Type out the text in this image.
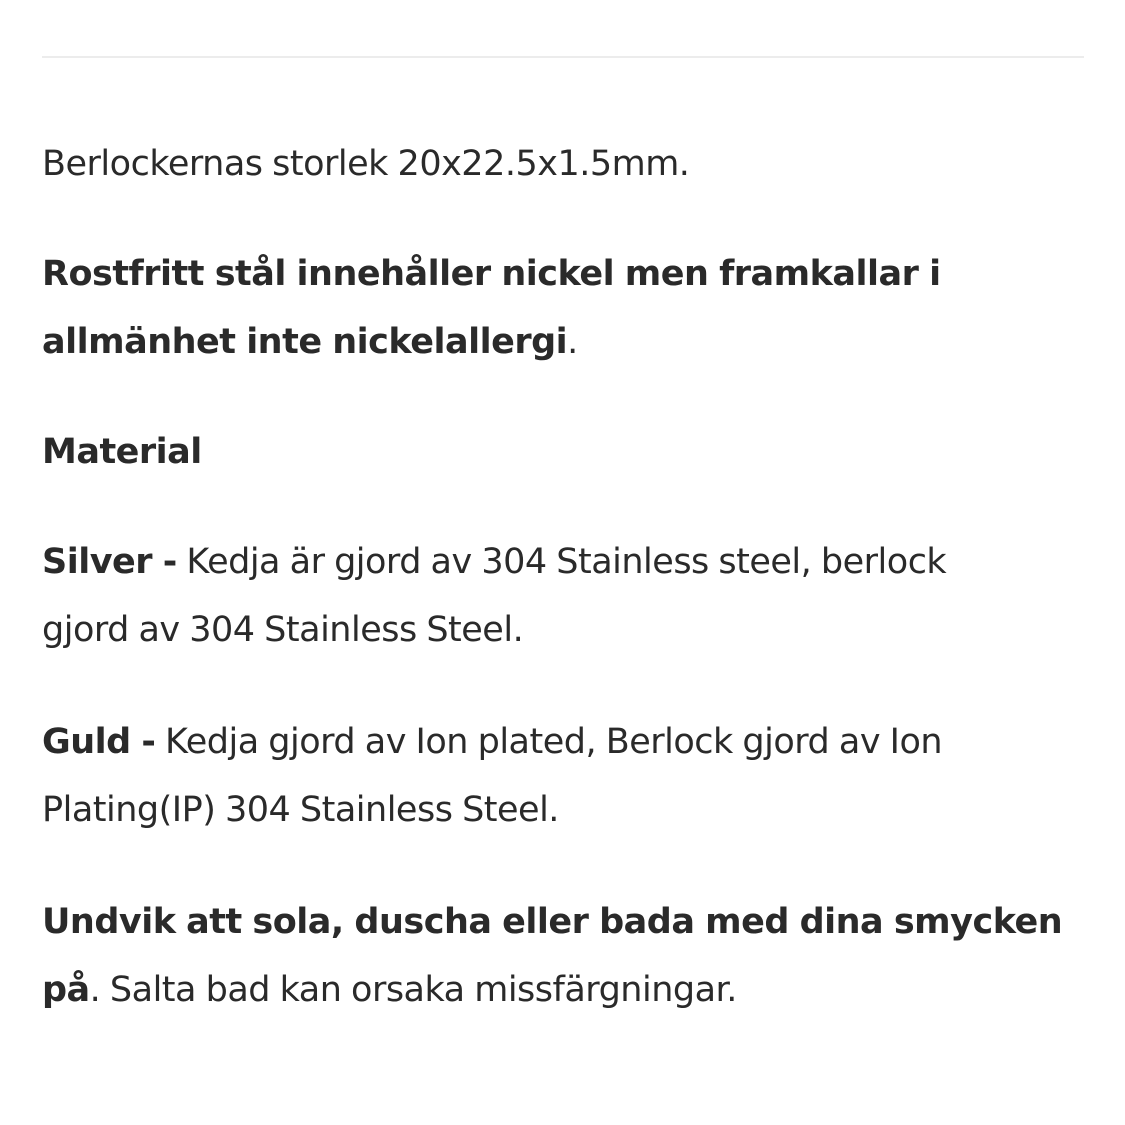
Berlockernas storlek 20x22.5x1.5mm.

Rostfritt stål innehåller nickel men framkallar i
allmänhet inte nickelallergi.

Material

Silver - Kedja är gjord av 304 Stainless steel, berlock
gjord av 304 Stainless Steel.

Guld - Kedja gjord av Ion plated, Berlock gjord av Ion
Plating(IP) 304 Stainless Steel.

Undvik att sola, duscha eller bada med dina smycken
på. Salta bad kan orsaka missfärgningar.
